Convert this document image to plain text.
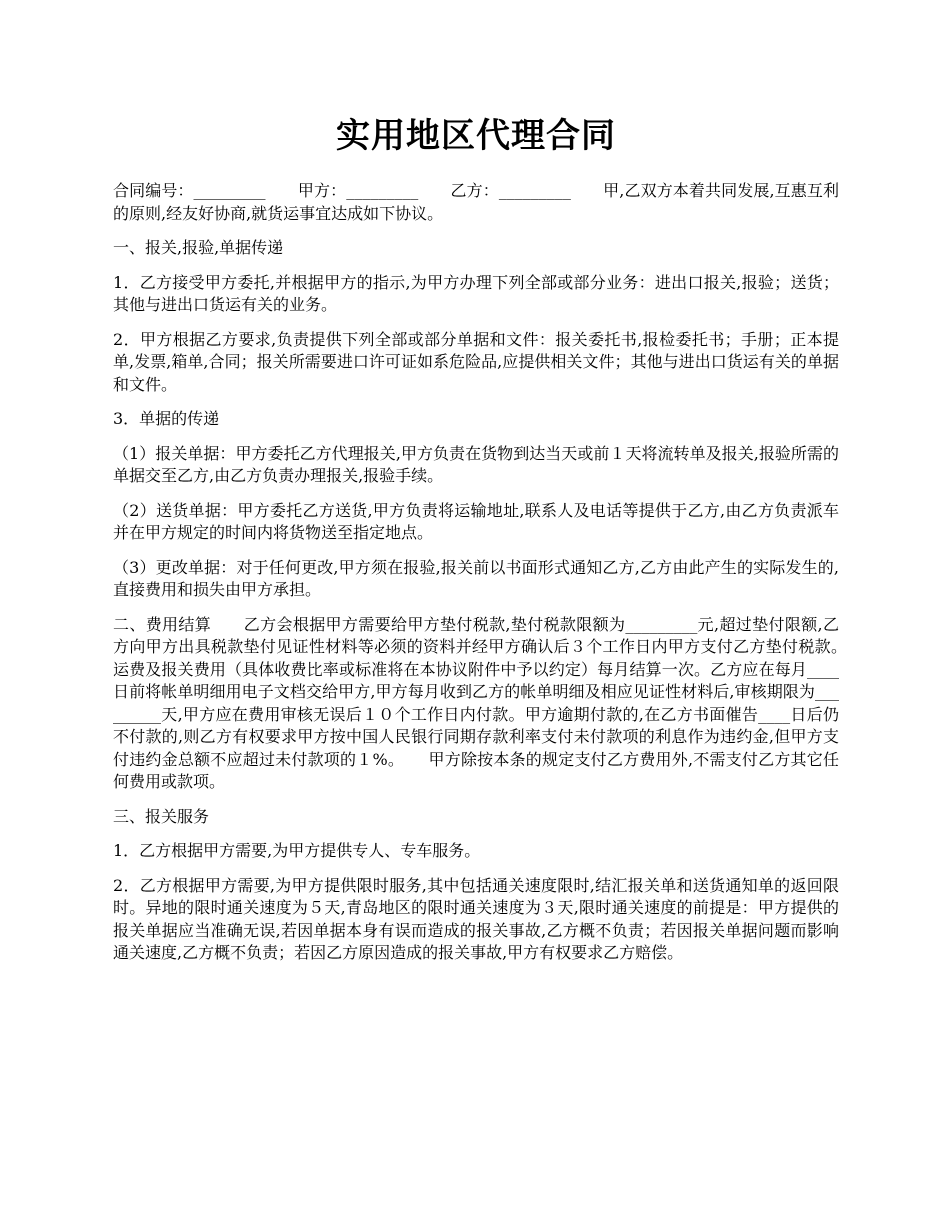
实用地区代理合同

合同编号：_________　　甲方：_________　　乙方：_________　　甲,乙双方本着共同发展,互惠互利的原则,经友好协商,就货运事宜达成如下协议。

一、报关,报验,单据传递

1．乙方接受甲方委托,并根据甲方的指示,为甲方办理下列全部或部分业务：进出口报关,报验；送货；其他与进出口货运有关的业务。

2．甲方根据乙方要求,负责提供下列全部或部分单据和文件：报关委托书,报检委托书；手册；正本提单,发票,箱单,合同；报关所需要进口许可证如系危险品,应提供相关文件；其他与进出口货运有关的单据和文件。

3．单据的传递

（1）报关单据：甲方委托乙方代理报关,甲方负责在货物到达当天或前１天将流转单及报关,报验所需的单据交至乙方,由乙方负责办理报关,报验手续。

（2）送货单据：甲方委托乙方送货,甲方负责将运输地址,联系人及电话等提供于乙方,由乙方负责派车并在甲方规定的时间内将货物送至指定地点。

（3）更改单据：对于任何更改,甲方须在报验,报关前以书面形式通知乙方,乙方由此产生的实际发生的,直接费用和损失由甲方承担。

二、费用结算　　乙方会根据甲方需要给甲方垫付税款,垫付税款限额为_________元,超过垫付限额,乙方向甲方出具税款垫付见证性材料等必须的资料并经甲方确认后３个工作日内甲方支付乙方垫付税款。　　运费及报关费用（具体收费比率或标准将在本协议附件中予以约定）每月结算一次。乙方应在每月____日前将帐单明细用电子文档交给甲方,甲方每月收到乙方的帐单明细及相应见证性材料后,审核期限为_________天,甲方应在费用审核无误后１０个工作日内付款。甲方逾期付款的,在乙方书面催告____日后仍不付款的,则乙方有权要求甲方按中国人民银行同期存款利率支付未付款项的利息作为违约金,但甲方支付违约金总额不应超过未付款项的１%。　　甲方除按本条的规定支付乙方费用外,不需支付乙方其它任何费用或款项。

三、报关服务

1．乙方根据甲方需要,为甲方提供专人、专车服务。

2．乙方根据甲方需要,为甲方提供限时服务,其中包括通关速度限时,结汇报关单和送货通知单的返回限时。异地的限时通关速度为５天,青岛地区的限时通关速度为３天,限时通关速度的前提是：甲方提供的报关单据应当准确无误,若因单据本身有误而造成的报关事故,乙方概不负责；若因报关单据问题而影响通关速度,乙方概不负责；若因乙方原因造成的报关事故,甲方有权要求乙方赔偿。
